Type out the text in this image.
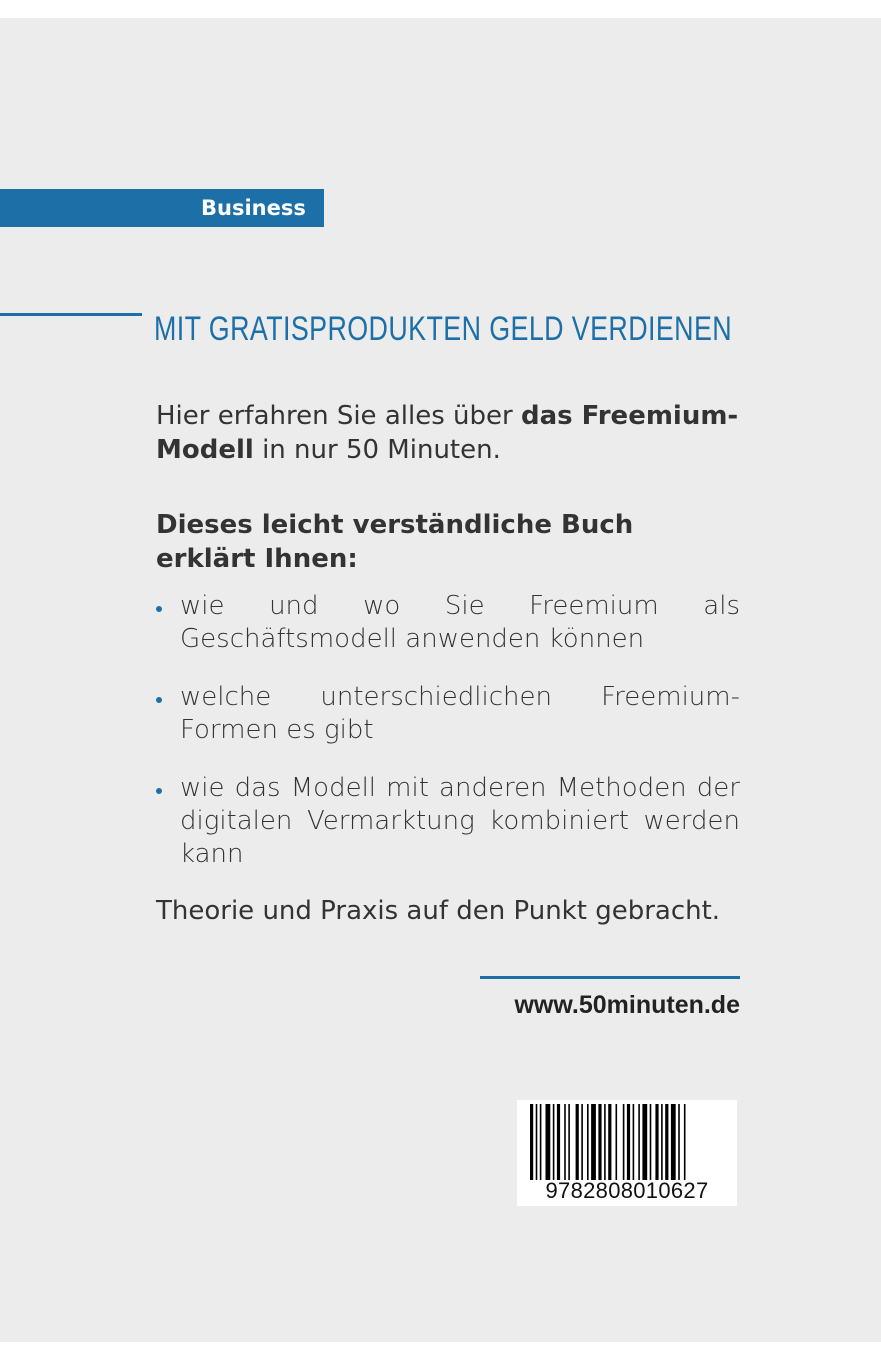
Business
MIT GRATISPRODUKTEN GELD VERDIENEN
Hier erfahren Sie alles über das Freemium-Modell in nur 50 Minuten.
Dieses leicht verständliche Buch erklärt Ihnen:
wie und wo Sie Freemium als Geschäftsmodell anwenden können
welche unterschiedlichen Freemium-Formen es gibt
wie das Modell mit anderen Methoden der digitalen Vermarktung kombiniert werden kann
Theorie und Praxis auf den Punkt gebracht.
www.50minuten.de
9782808010627
